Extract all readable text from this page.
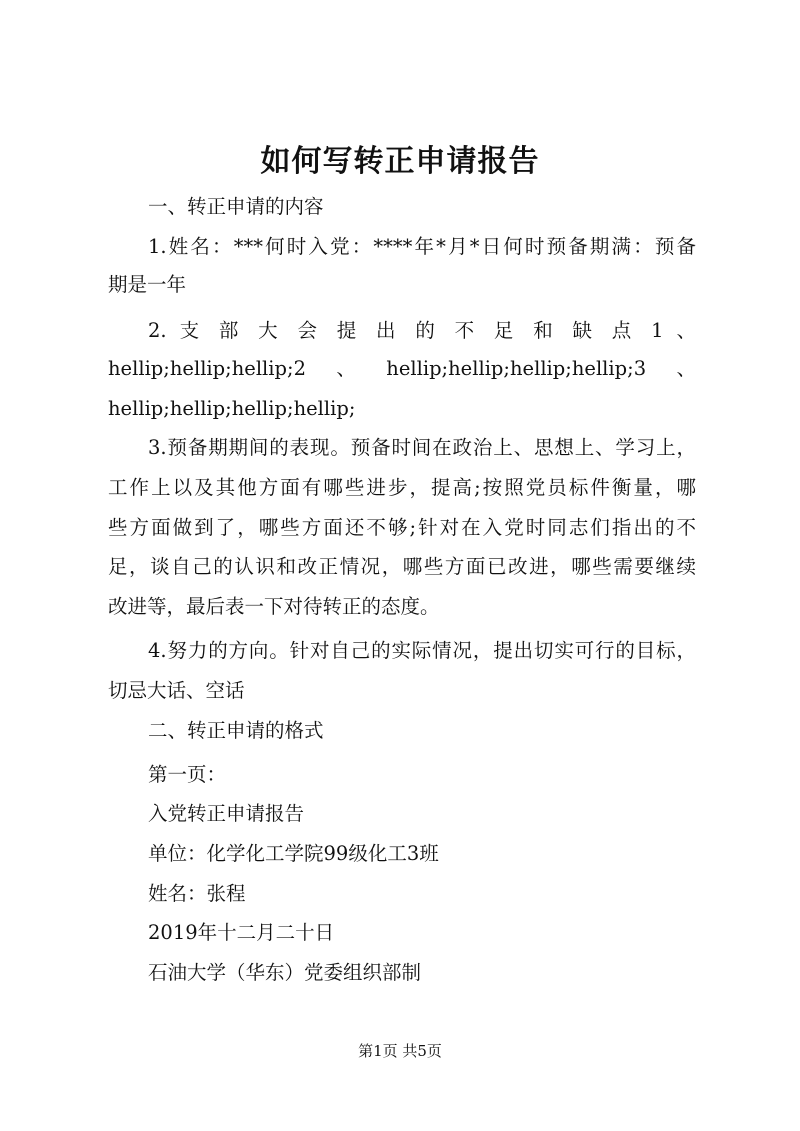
如何写转正申请报告
一、转正申请的内容
1.姓名：***何时入党：****年*月*日何时预备期满：预备
期是一年
2. 支 部 大 会 提 出 的 不 足 和 缺 点 1 、
hellip;hellip;hellip;2、hellip;hellip;hellip;hellip;3、
hellip;hellip;hellip;hellip;
3.预备期期间的表现。预备时间在政治上、思想上、学习上，
工作上以及其他方面有哪些进步，提高;按照党员标件衡量，哪
些方面做到了，哪些方面还不够;针对在入党时同志们指出的不
足，谈自己的认识和改正情况，哪些方面已改进，哪些需要继续
改进等，最后表一下对待转正的态度。
4.努力的方向。针对自己的实际情况，提出切实可行的目标，
切忌大话、空话
二、转正申请的格式
第一页：
入党转正申请报告
单位：化学化工学院99级化工3班
姓名：张程
2019年十二月二十日
石油大学（华东）党委组织部制
第1页 共5页
